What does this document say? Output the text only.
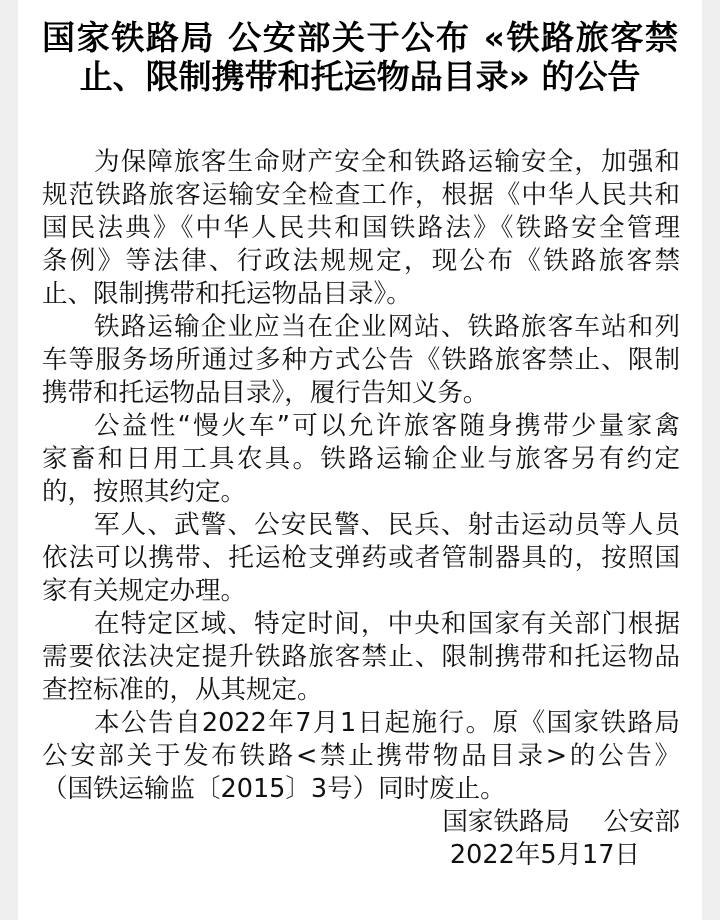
国家铁路局 公安部关于公布 «铁路旅客禁
止、限制携带和托运物品目录» 的公告
为保障旅客生命财产安全和铁路运输安全，加强和
规范铁路旅客运输安全检查工作，根据《中华人民共和
国民法典》《中华人民共和国铁路法》《铁路安全管理
条例》等法律、行政法规规定，现公布《铁路旅客禁
止、限制携带和托运物品目录》。
铁路运输企业应当在企业网站、铁路旅客车站和列
车等服务场所通过多种方式公告《铁路旅客禁止、限制
携带和托运物品目录》，履行告知义务。
公益性“慢火车”可以允许旅客随身携带少量家禽
家畜和日用工具农具。铁路运输企业与旅客另有约定
的，按照其约定。
军人、武警、公安民警、民兵、射击运动员等人员
依法可以携带、托运枪支弹药或者管制器具的，按照国
家有关规定办理。
在特定区域、特定时间，中央和国家有关部门根据
需要依法决定提升铁路旅客禁止、限制携带和托运物品
查控标准的，从其规定。
本公告自2022年7月1日起施行。原《国家铁路局
公安部关于发布铁路<禁止携带物品目录>的公告》
（国铁运输监〔2015〕3号）同时废止。
国家铁路局　 公安部
2022年5月17日
